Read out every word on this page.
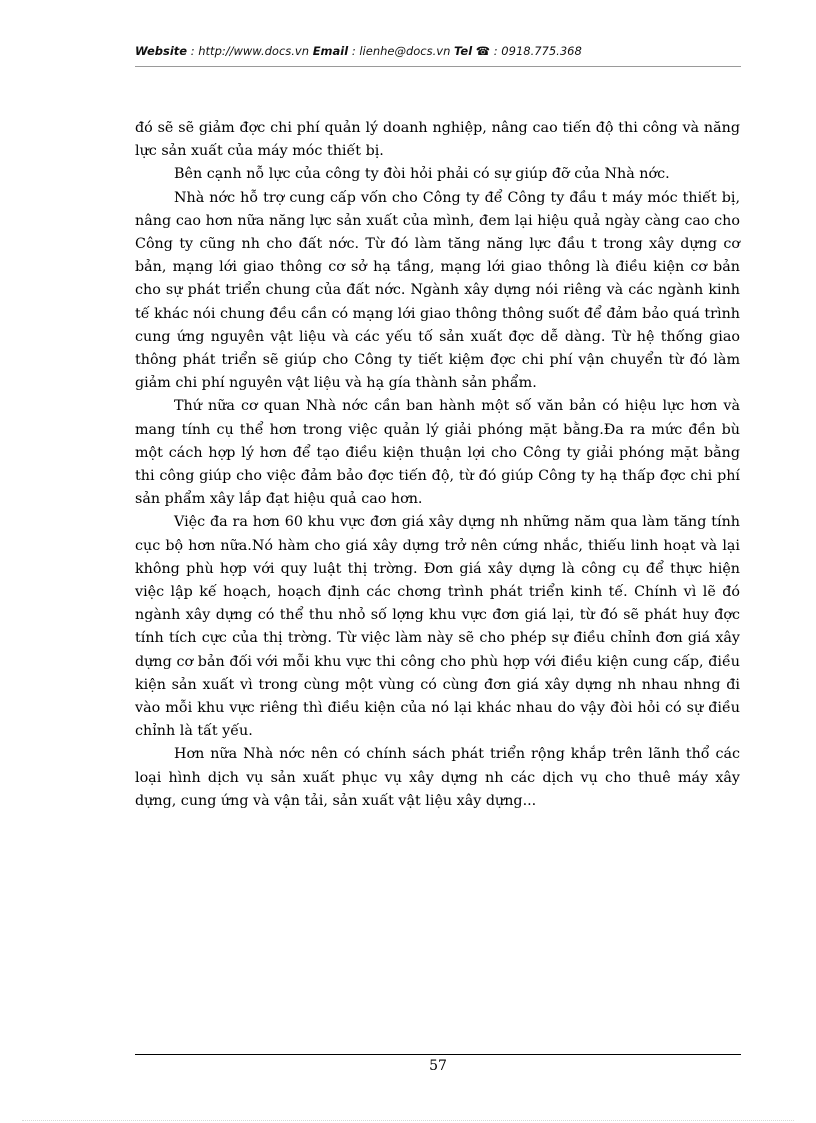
Website : http://www.docs.vn Email : lienhe@docs.vn Tel ☎ : 0918.775.368

đó sẽ sẽ giảm đợc chi phí quản lý doanh nghiệp, nâng cao tiến độ thi công và năng lực sản xuất của máy móc thiết bị.

Bên cạnh nỗ lực của công ty đòi hỏi phải có sự giúp đỡ của Nhà nớc.

Nhà nớc hỗ trợ cung cấp vốn cho Công ty để Công ty đầu t máy móc thiết bị, nâng cao hơn nữa năng lực sản xuất của mình, đem lại hiệu quả ngày càng cao cho Công ty cũng nh cho đất nớc. Từ đó làm tăng năng lực đầu t trong xây dựng cơ bản, mạng lới giao thông cơ sở hạ tầng, mạng lới giao thông là điều kiện cơ bản cho sự phát triển chung của đất nớc. Ngành xây dựng nói riêng và các ngành kinh tế khác nói chung đều cần có mạng lới giao thông thông suốt để đảm bảo quá trình cung ứng nguyên vật liệu và các yếu tố sản xuất đợc dễ dàng. Từ hệ thống giao thông phát triển sẽ giúp cho Công ty tiết kiệm đợc chi phí vận chuyển từ đó làm giảm chi phí nguyên vật liệu và hạ gía thành sản phẩm.

Thứ nữa cơ quan Nhà nớc cần ban hành một số văn bản có hiệu lực hơn và mang tính cụ thể hơn trong việc quản lý giải phóng mặt bằng.Đa ra mức đền bù một cách hợp lý hơn để tạo điều kiện thuận lợi cho Công ty giải phóng mặt bằng thi công giúp cho việc đảm bảo đợc tiến độ, từ đó giúp Công ty hạ thấp đợc chi phí sản phẩm xây lắp đạt hiệu quả cao hơn.

Việc đa ra hơn 60 khu vực đơn giá xây dựng nh những năm qua làm tăng tính cục bộ hơn nữa.Nó hàm cho giá xây dựng trở nên cứng nhắc, thiếu linh hoạt và lại không phù hợp với quy luật thị trờng. Đơn giá xây dựng là công cụ để thực hiện việc lập kế hoạch, hoạch định các chơng trình phát triển kinh tế. Chính vì lẽ đó ngành xây dựng có thể thu nhỏ số lợng khu vực đơn giá lại, từ đó sẽ phát huy đợc tính tích cực của thị trờng. Từ việc làm này sẽ cho phép sự điều chỉnh đơn giá xây dựng cơ bản đối với mỗi khu vực thi công cho phù hợp với điều kiện cung cấp, điều kiện sản xuất vì trong cùng một vùng có cùng đơn giá xây dựng nh nhau nhng đi vào mỗi khu vực riêng thì điều kiện của nó lại khác nhau do vậy đòi hỏi có sự điều chỉnh là tất yếu.

Hơn nữa Nhà nớc nên có chính sách phát triển rộng khắp trên lãnh thổ các loại hình dịch vụ sản xuất phục vụ xây dựng nh các dịch vụ cho thuê máy xây dựng, cung ứng và vận tải, sản xuất vật liệu xây dựng...

57
